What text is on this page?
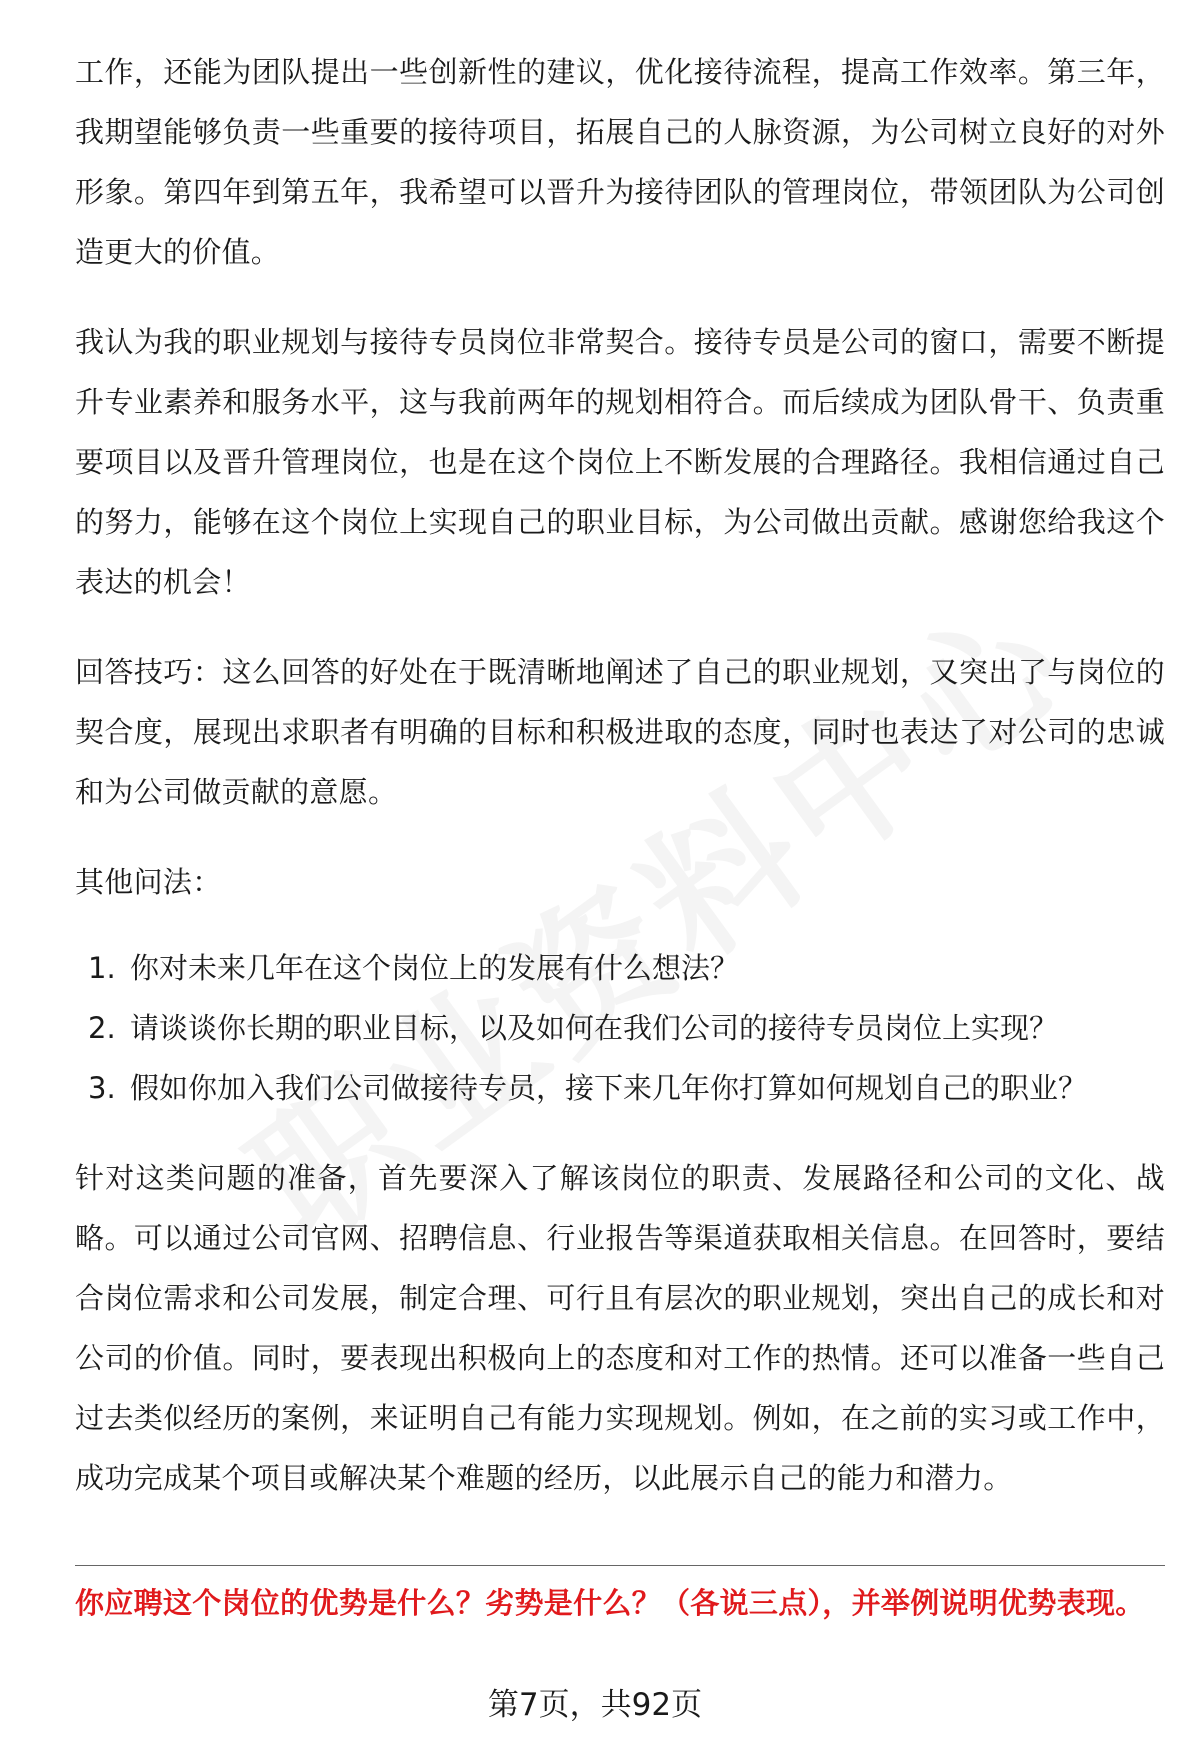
工作，还能为团队提出一些创新性的建议，优化接待流程，提高工作效率。第三年，我期望能够负责一些重要的接待项目，拓展自己的人脉资源，为公司树立良好的对外形象。第四年到第五年，我希望可以晋升为接待团队的管理岗位，带领团队为公司创造更大的价值。

我认为我的职业规划与接待专员岗位非常契合。接待专员是公司的窗口，需要不断提升专业素养和服务水平，这与我前两年的规划相符合。而后续成为团队骨干、负责重要项目以及晋升管理岗位，也是在这个岗位上不断发展的合理路径。我相信通过自己的努力，能够在这个岗位上实现自己的职业目标，为公司做出贡献。感谢您给我这个表达的机会！

回答技巧：这么回答的好处在于既清晰地阐述了自己的职业规划，又突出了与岗位的契合度，展现出求职者有明确的目标和积极进取的态度，同时也表达了对公司的忠诚和为公司做贡献的意愿。

其他问法：

1. 你对未来几年在这个岗位上的发展有什么想法？
2. 请谈谈你长期的职业目标，以及如何在我们公司的接待专员岗位上实现？
3. 假如你加入我们公司做接待专员，接下来几年你打算如何规划自己的职业？

针对这类问题的准备，首先要深入了解该岗位的职责、发展路径和公司的文化、战略。可以通过公司官网、招聘信息、行业报告等渠道获取相关信息。在回答时，要结合岗位需求和公司发展，制定合理、可行且有层次的职业规划，突出自己的成长和对公司的价值。同时，要表现出积极向上的态度和对工作的热情。还可以准备一些自己过去类似经历的案例，来证明自己有能力实现规划。例如，在之前的实习或工作中，成功完成某个项目或解决某个难题的经历，以此展示自己的能力和潜力。

你应聘这个岗位的优势是什么？劣势是什么？（各说三点），并举例说明优势表现。

第7页，共92页
